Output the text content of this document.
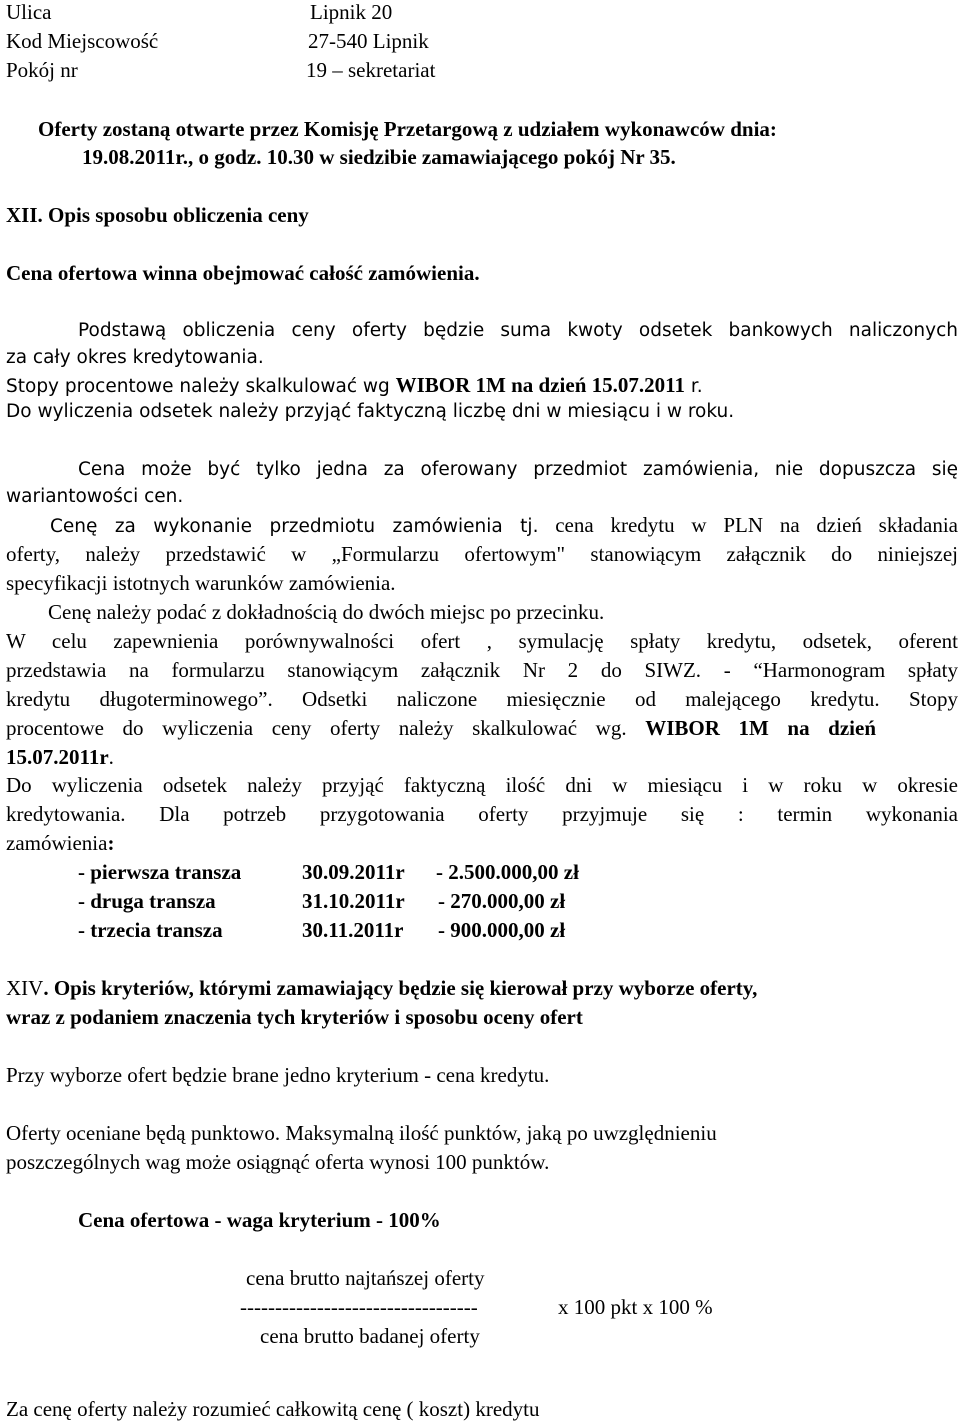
Ulica	Lipnik 20
Kod Miejscowość	27-540 Lipnik
Pokój nr	19 – sekretariat
Oferty zostaną otwarte przez Komisję Przetargową z udziałem wykonawców dnia:
19.08.2011r., o godz. 10.30 w siedzibie zamawiającego pokój Nr 35.
XII. Opis sposobu obliczenia ceny
Cena ofertowa winna obejmować całość zamówienia.
Podstawą obliczenia ceny oferty będzie suma kwoty odsetek bankowych naliczonych
za cały okres kredytowania.
Stopy procentowe należy skalkulować wg WIBOR 1M na dzień 15.07.2011 r.
Do wyliczenia odsetek należy przyjąć faktyczną liczbę dni w miesiącu i w roku.
Cena może być tylko jedna za oferowany przedmiot zamówienia, nie dopuszcza się
wariantowości cen.
Cenę za wykonanie przedmiotu zamówienia tj. cena kredytu w PLN na dzień składania
oferty, należy przedstawić w „Formularzu ofertowym" stanowiącym załącznik do niniejszej
specyfikacji istotnych warunków zamówienia.
Cenę należy podać z dokładnością do dwóch miejsc po przecinku.
W celu zapewnienia porównywalności ofert , symulację spłaty kredytu, odsetek, oferent
przedstawia na formularzu stanowiącym załącznik Nr 2 do SIWZ. - “Harmonogram spłaty
kredytu długoterminowego”. Odsetki naliczone miesięcznie od malejącego kredytu. Stopy
procentowe do wyliczenia ceny oferty należy skalkulować wg. WIBOR 1M na dzień
15.07.2011r.
Do wyliczenia odsetek należy przyjąć faktyczną ilość dni w miesiącu i w roku w okresie
kredytowania. Dla potrzeb przygotowania oferty przyjmuje się : termin wykonania
zamówienia:
- pierwsza transza	30.09.2011r - 2.500.000,00 zł
- druga transza	31.10.2011r - 270.000,00 zł
- trzecia transza	30.11.2011r - 900.000,00 zł
XIV. Opis kryteriów, którymi zamawiający będzie się kierował przy wyborze oferty,
wraz z podaniem znaczenia tych kryteriów i sposobu oceny ofert
Przy wyborze ofert będzie brane jedno kryterium - cena kredytu.
Oferty oceniane będą punktowo. Maksymalną ilość punktów, jaką po uwzględnieniu
poszczególnych wag może osiągnąć oferta wynosi 100 punktów.
Cena ofertowa - waga kryterium - 100%
cena brutto najtańszej oferty
----------------------------------	x 100 pkt x 100 %
cena brutto badanej oferty
Za cenę oferty należy rozumieć całkowitą cenę ( koszt) kredytu
